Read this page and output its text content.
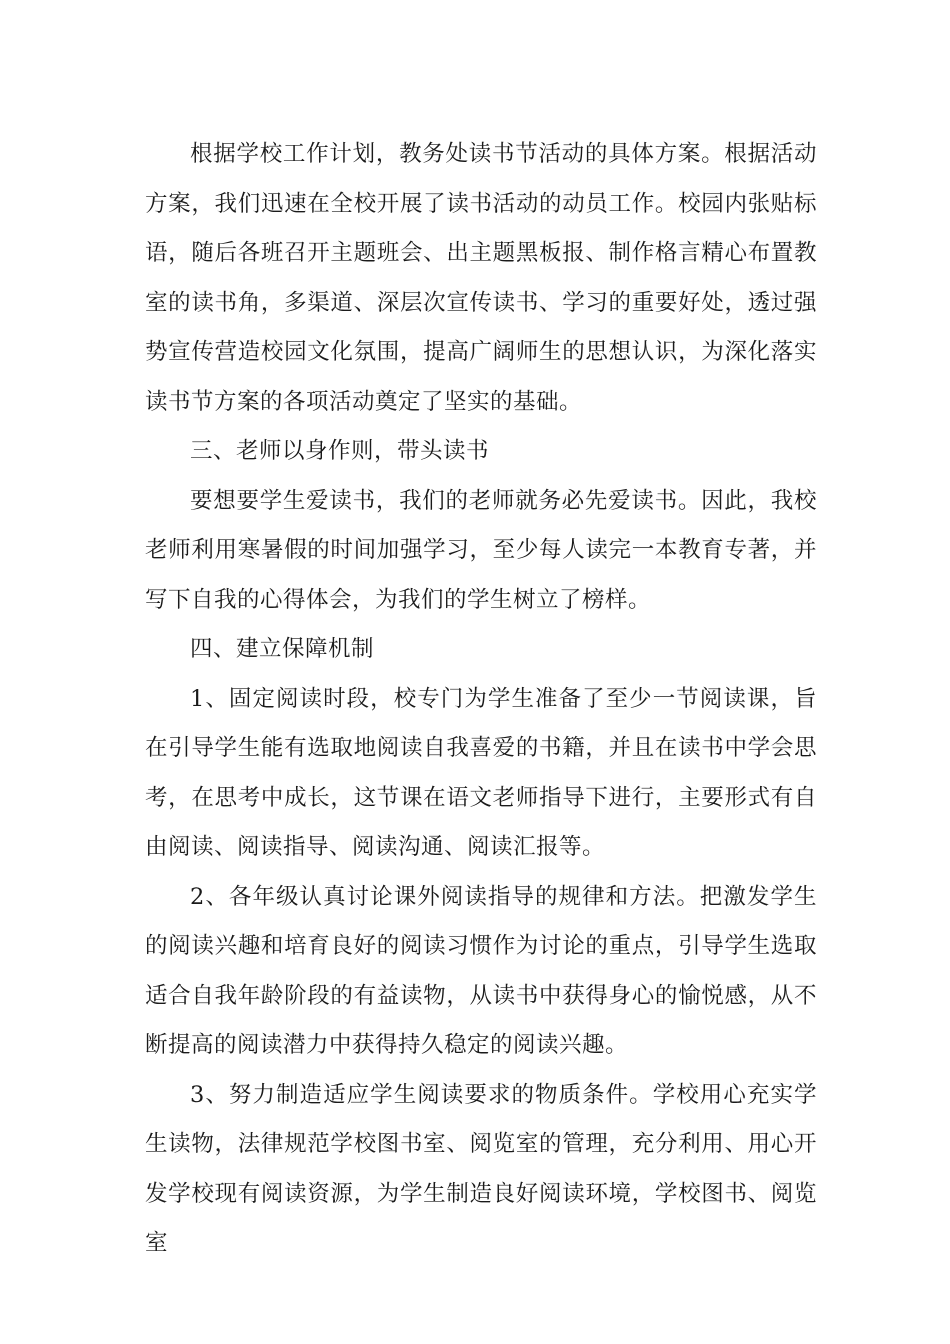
根据学校工作计划，教务处读书节活动的具体方案。根据活动方案，我们迅速在全校开展了读书活动的动员工作。校园内张贴标语，随后各班召开主题班会、出主题黑板报、制作格言精心布置教室的读书角，多渠道、深层次宣传读书、学习的重要好处，透过强势宣传营造校园文化氛围，提高广阔师生的思想认识，为深化落实读书节方案的各项活动奠定了坚实的基础。

三、老师以身作则，带头读书

要想要学生爱读书，我们的老师就务必先爱读书。因此，我校老师利用寒暑假的时间加强学习，至少每人读完一本教育专著，并写下自我的心得体会，为我们的学生树立了榜样。

四、建立保障机制

1、固定阅读时段，校专门为学生准备了至少一节阅读课，旨在引导学生能有选取地阅读自我喜爱的书籍，并且在读书中学会思考，在思考中成长，这节课在语文老师指导下进行，主要形式有自由阅读、阅读指导、阅读沟通、阅读汇报等。

2、各年级认真讨论课外阅读指导的规律和方法。把激发学生的阅读兴趣和培育良好的阅读习惯作为讨论的重点，引导学生选取适合自我年龄阶段的有益读物，从读书中获得身心的愉悦感，从不断提高的阅读潜力中获得持久稳定的阅读兴趣。

3、努力制造适应学生阅读要求的物质条件。学校用心充实学生读物，法律规范学校图书室、阅览室的管理，充分利用、用心开发学校现有阅读资源，为学生制造良好阅读环境，学校图书、阅览室
